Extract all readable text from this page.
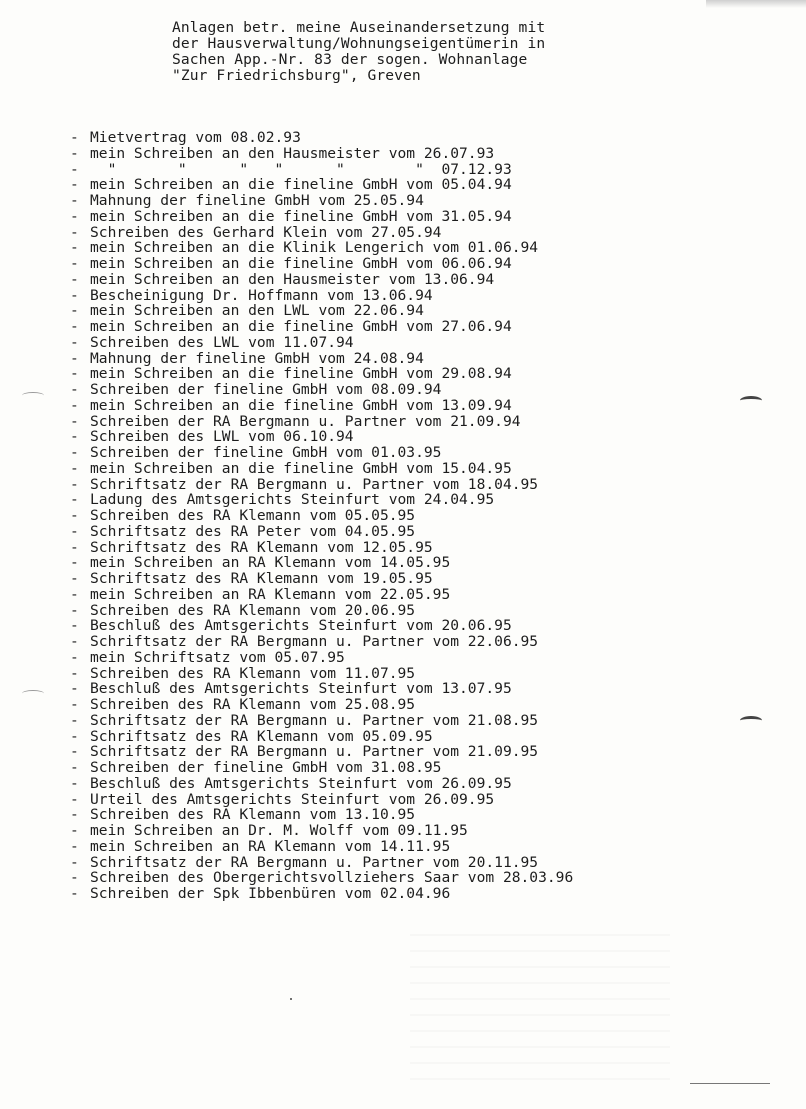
Anlagen betr. meine Auseinandersetzung mit
der Hausverwaltung/Wohnungseigentümerin in
Sachen App.-Nr. 83 der sogen. Wohnanlage
"Zur Friedrichsburg", Greven
- Mietvertrag vom 08.02.93
- mein Schreiben an den Hausmeister vom 26.07.93
- "       "      "   "      "        "  07.12.93
- mein Schreiben an die fineline GmbH vom 05.04.94
- Mahnung der fineline GmbH vom 25.05.94
- mein Schreiben an die fineline GmbH vom 31.05.94
- Schreiben des Gerhard Klein vom 27.05.94
- mein Schreiben an die Klinik Lengerich vom 01.06.94
- mein Schreiben an die fineline GmbH vom 06.06.94
- mein Schreiben an den Hausmeister vom 13.06.94
- Bescheinigung Dr. Hoffmann vom 13.06.94
- mein Schreiben an den LWL vom 22.06.94
- mein Schreiben an die fineline GmbH vom 27.06.94
- Schreiben des LWL vom 11.07.94
- Mahnung der fineline GmbH vom 24.08.94
- mein Schreiben an die fineline GmbH vom 29.08.94
- Schreiben der fineline GmbH vom 08.09.94
- mein Schreiben an die fineline GmbH vom 13.09.94
- Schreiben der RA Bergmann u. Partner vom 21.09.94
- Schreiben des LWL vom 06.10.94
- Schreiben der fineline GmbH vom 01.03.95
- mein Schreiben an die fineline GmbH vom 15.04.95
- Schriftsatz der RA Bergmann u. Partner vom 18.04.95
- Ladung des Amtsgerichts Steinfurt vom 24.04.95
- Schreiben des RA Klemann vom 05.05.95
- Schriftsatz des RA Peter vom 04.05.95
- Schriftsatz des RA Klemann vom 12.05.95
- mein Schreiben an RA Klemann vom 14.05.95
- Schriftsatz des RA Klemann vom 19.05.95
- mein Schreiben an RA Klemann vom 22.05.95
- Schreiben des RA Klemann vom 20.06.95
- Beschluß des Amtsgerichts Steinfurt vom 20.06.95
- Schriftsatz der RA Bergmann u. Partner vom 22.06.95
- mein Schriftsatz vom 05.07.95
- Schreiben des RA Klemann vom 11.07.95
- Beschluß des Amtsgerichts Steinfurt vom 13.07.95
- Schreiben des RA Klemann vom 25.08.95
- Schriftsatz der RA Bergmann u. Partner vom 21.08.95
- Schriftsatz des RA Klemann vom 05.09.95
- Schriftsatz der RA Bergmann u. Partner vom 21.09.95
- Schreiben der fineline GmbH vom 31.08.95
- Beschluß des Amtsgerichts Steinfurt vom 26.09.95
- Urteil des Amtsgerichts Steinfurt vom 26.09.95
- Schreiben des RA Klemann vom 13.10.95
- mein Schreiben an Dr. M. Wolff vom 09.11.95
- mein Schreiben an RA Klemann vom 14.11.95
- Schriftsatz der RA Bergmann u. Partner vom 20.11.95
- Schreiben des Obergerichtsvollziehers Saar vom 28.03.96
- Schreiben der Spk Ibbenbüren vom 02.04.96
